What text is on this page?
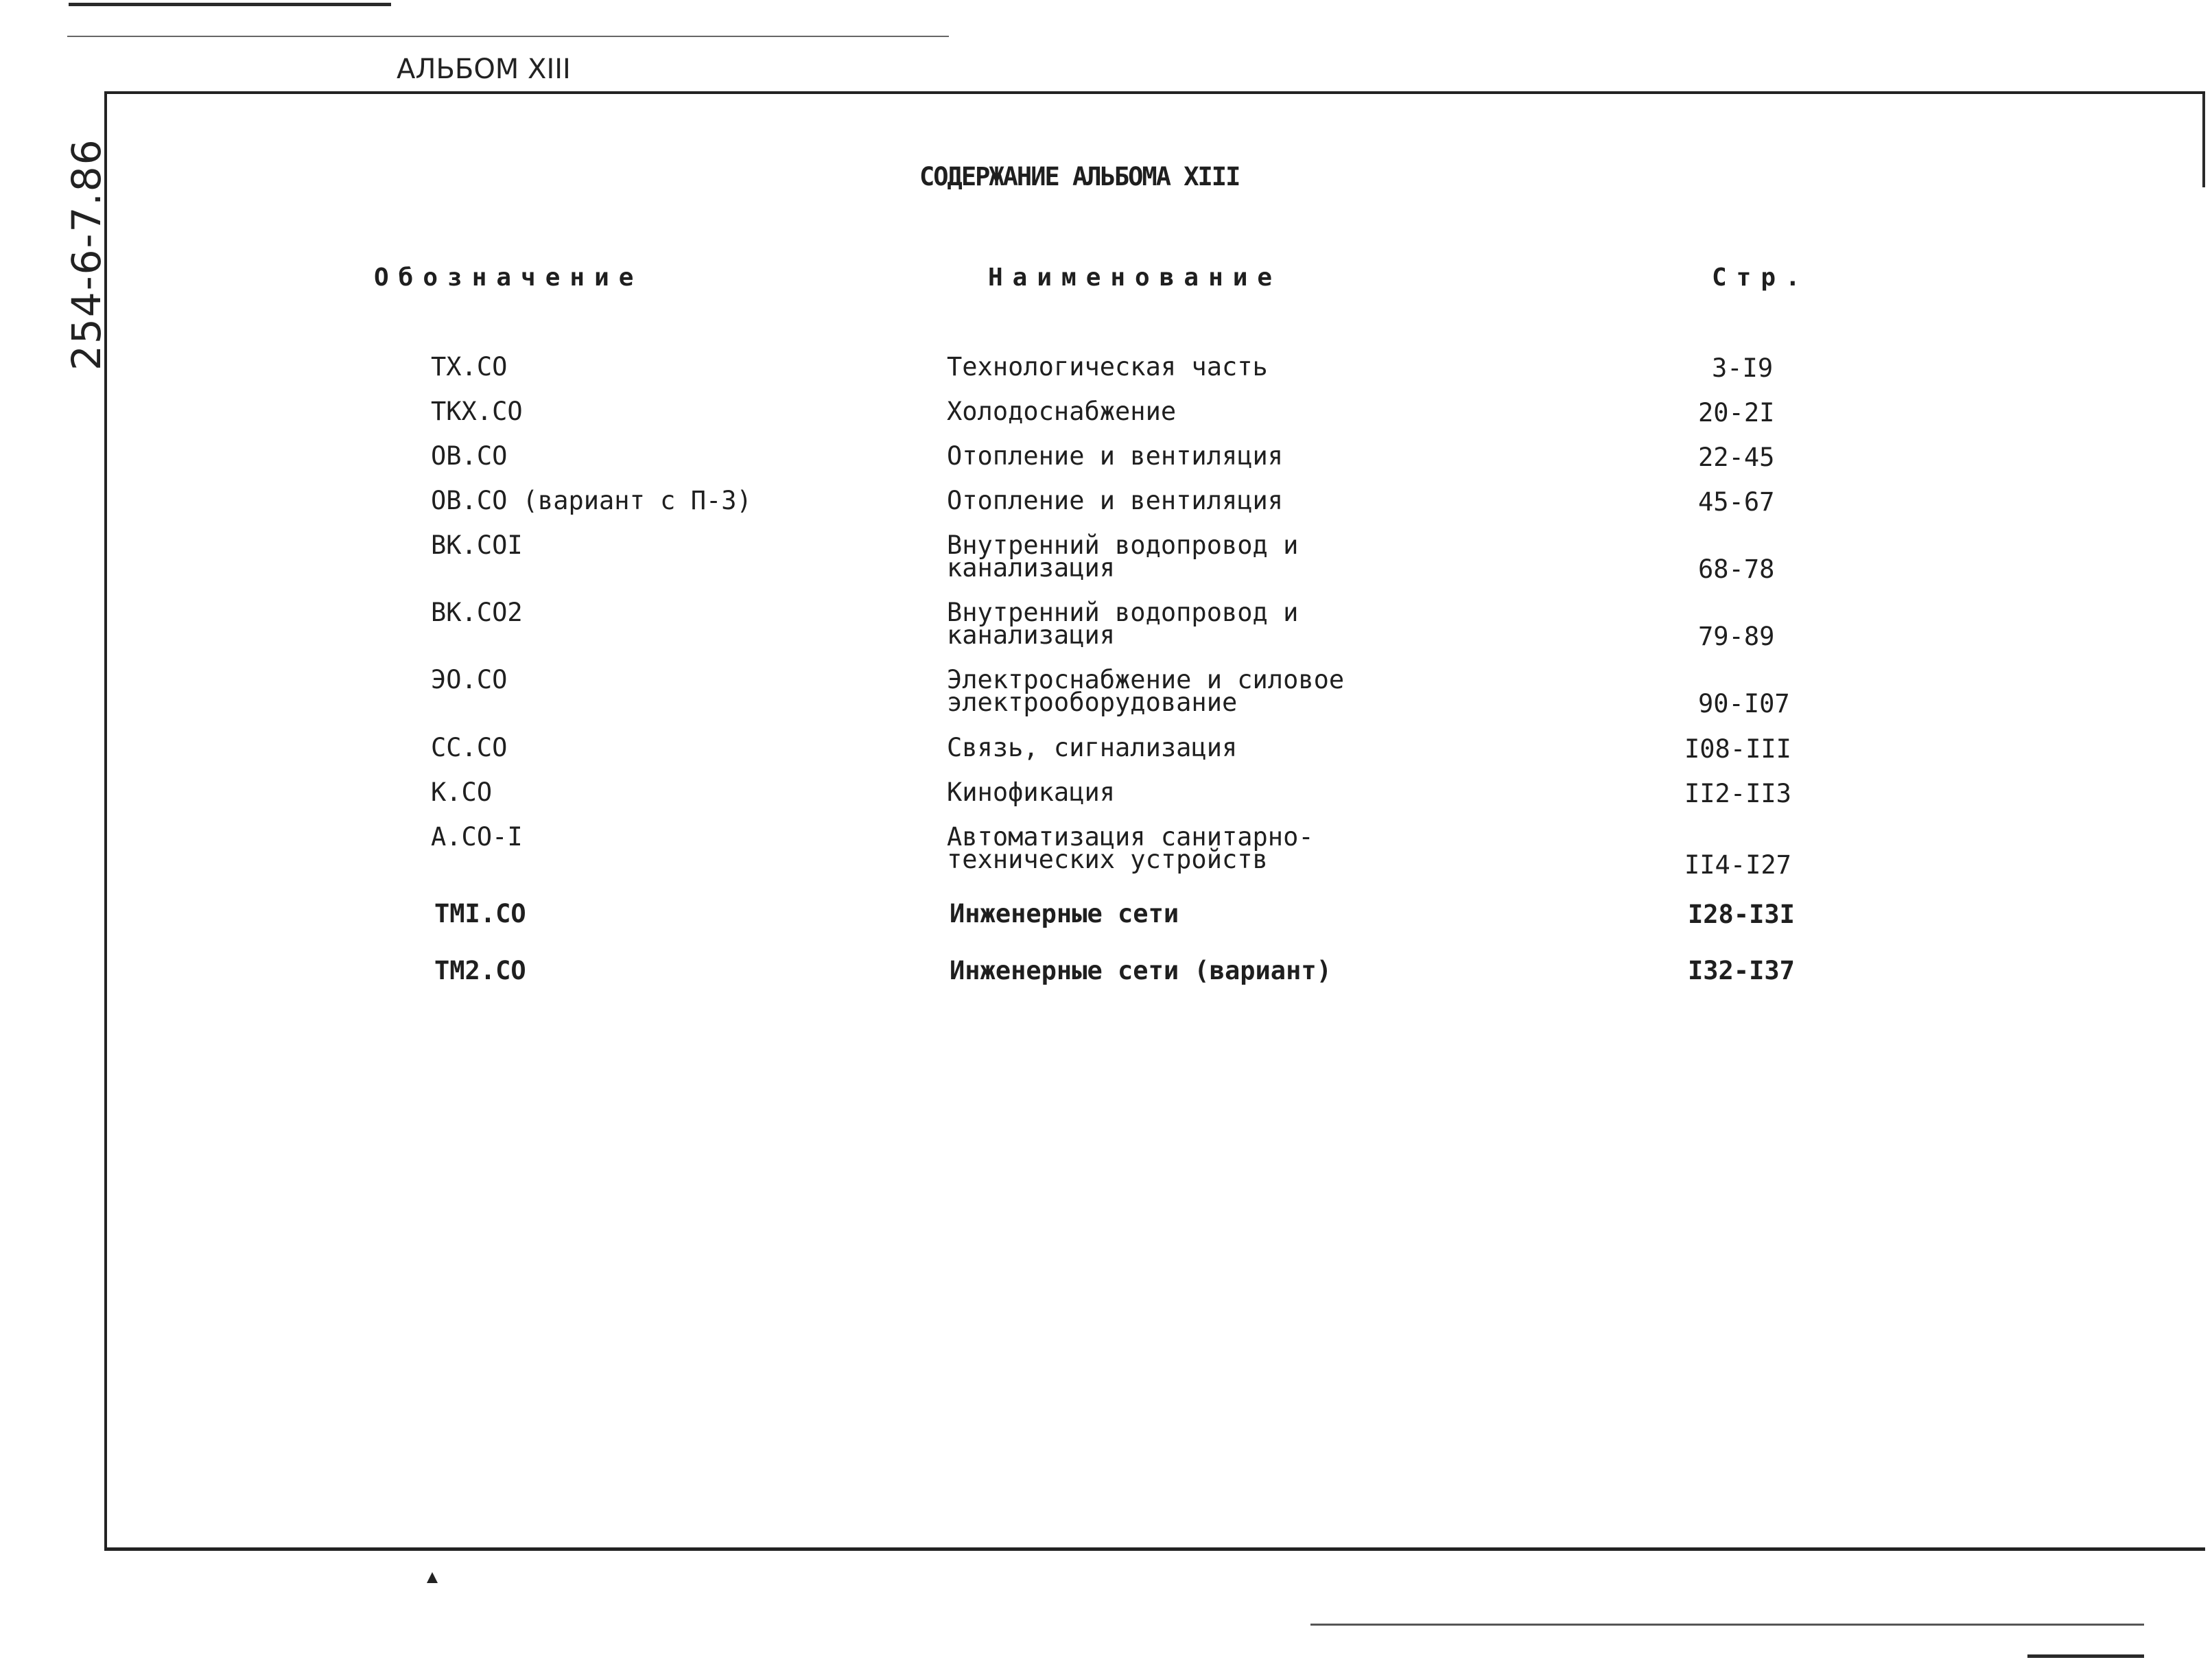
АЛЬБОМ XIII
254-6-7.86	СОДЕРЖАНИЕ АЛЬБОМА XIII
Обозначение	Наименование	Стр.
ТХ.СО	Технологическая часть	3-I9
ТКХ.СО	Холодоснабжение	20-2I
ОВ.СО	Отопление и вентиляция	22-45
ОВ.СО (вариант с П-3)	Отопление и вентиляция	45-67
ВК.СОI	Внутренний водопровод и канализация	68-78
ВК.СО2	Внутренний водопровод и канализация	79-89
ЭО.СО	Электроснабжение и силовое электрооборудование	90-I07
СС.СО	Связь, сигнализация	I08-III
К.СО	Кинофикация	II2-II3
А.СО-I	Автоматизация санитарно-технических устройств	II4-I27
ТМI.СО	Инженерные сети	I28-I3I
ТМ2.СО	Инженерные сети (вариант)	I32-I37
